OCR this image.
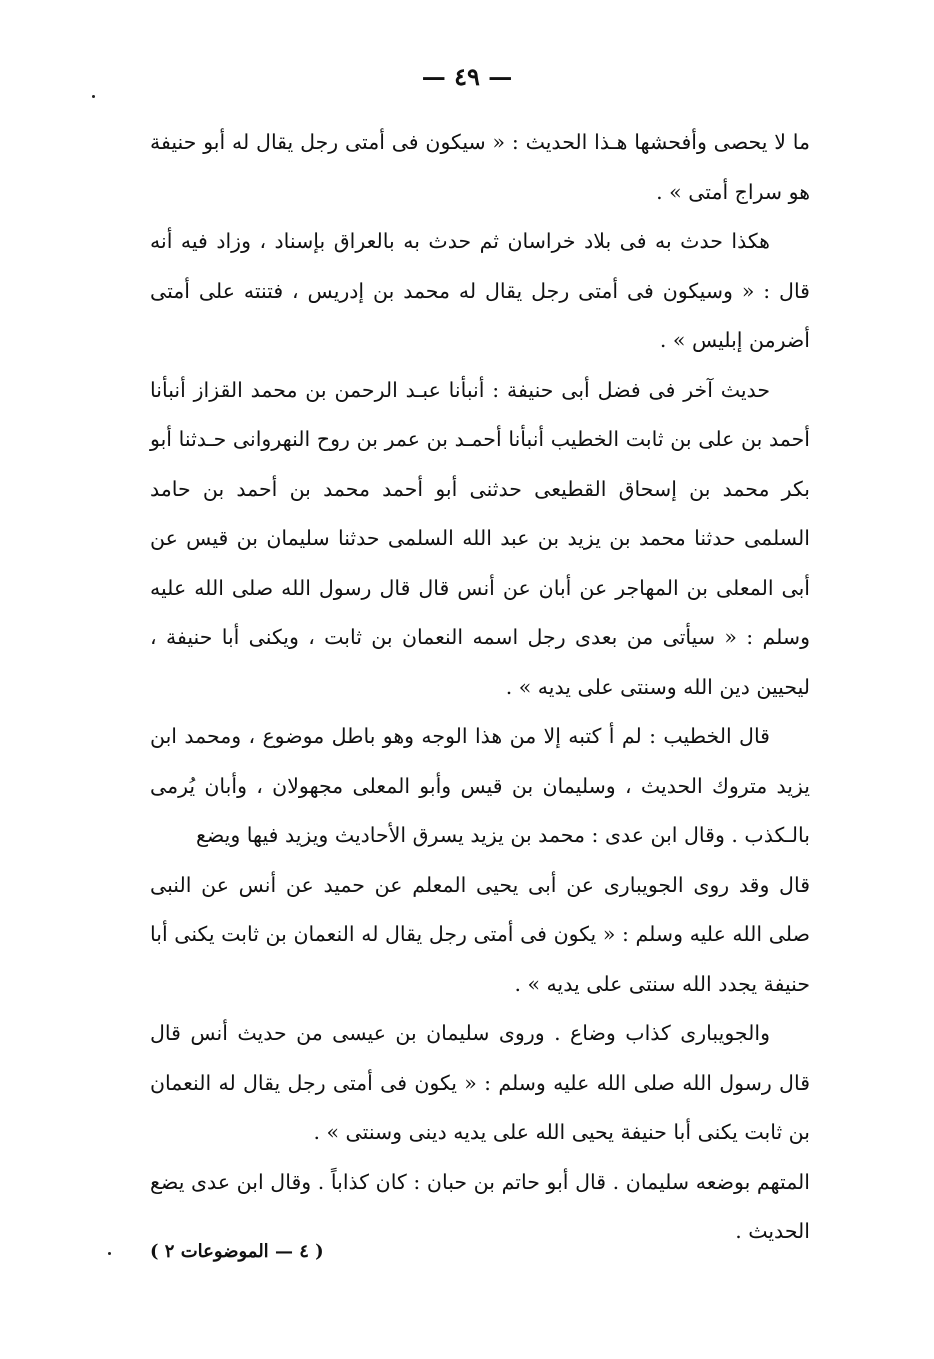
— ٤٩ —

ما لا يحصى وأفحشها هـذا الحديث : « سيكون فى أمتى رجل يقال له أبو حنيفة هو سراج أمتى » .

هكذا حدث به فى بلاد خراسان ثم حدث به بالعراق بإسناد ، وزاد فيه أنه قال : « وسيكون فى أمتى رجل يقال له محمد بن إدريس ، فتنته على أمتى أضرمن إبليس » .

حديث آخر فى فضل أبى حنيفة : أنبأنا عبـد الرحمن بن محمد القزاز أنبأنا أحمد بن على بن ثابت الخطيب أنبأنا أحمـد بن عمر بن روح النهروانى حـدثنا أبو بكر محمد بن إسحاق القطيعى حدثنى أبو أحمد محمد بن أحمد بن حامد السلمى حدثنا محمد بن يزيد بن عبد الله السلمى حدثنا سليمان بن قيس عن أبى المعلى بن المهاجر عن أبان عن أنس قال قال رسول الله صلى الله عليه وسلم : « سيأتى من بعدى رجل اسمه النعمان بن ثابت ، ويكنى أبا حنيفة ، ليحيين دين الله وسنتى على يديه » .

قال الخطيب : لم أ كتبه إلا من هذا الوجه وهو باطل موضوع ، ومحمد ابن يزيد متروك الحديث ، وسليمان بن قيس وأبو المعلى مجهولان ، وأبان يُرمى بالـكذب . وقال ابن عدى : محمد بن يزيد يسرق الأحاديث ويزيد فيها ويضع

قال وقد روى الجويبارى عن أبى يحيى المعلم عن حميد عن أنس عن النبى صلى الله عليه وسلم : « يكون فى أمتى رجل يقال له النعمان بن ثابت يكنى أبا حنيفة يجدد الله سنتى على يديه » .

والجويبارى كذاب وضاع . وروى سليمان بن عيسى من حديث أنس قال قال رسول الله صلى الله عليه وسلم : « يكون فى أمتى رجل يقال له النعمان بن ثابت يكنى أبا حنيفة يحيى الله على يديه دينى وسنتى » .

المتهم بوضعه سليمان . قال أبو حاتم بن حبان : كان كذاباً . وقال ابن عدى يضع الحديث .

( ٤ — الموضوعات ٢ )
